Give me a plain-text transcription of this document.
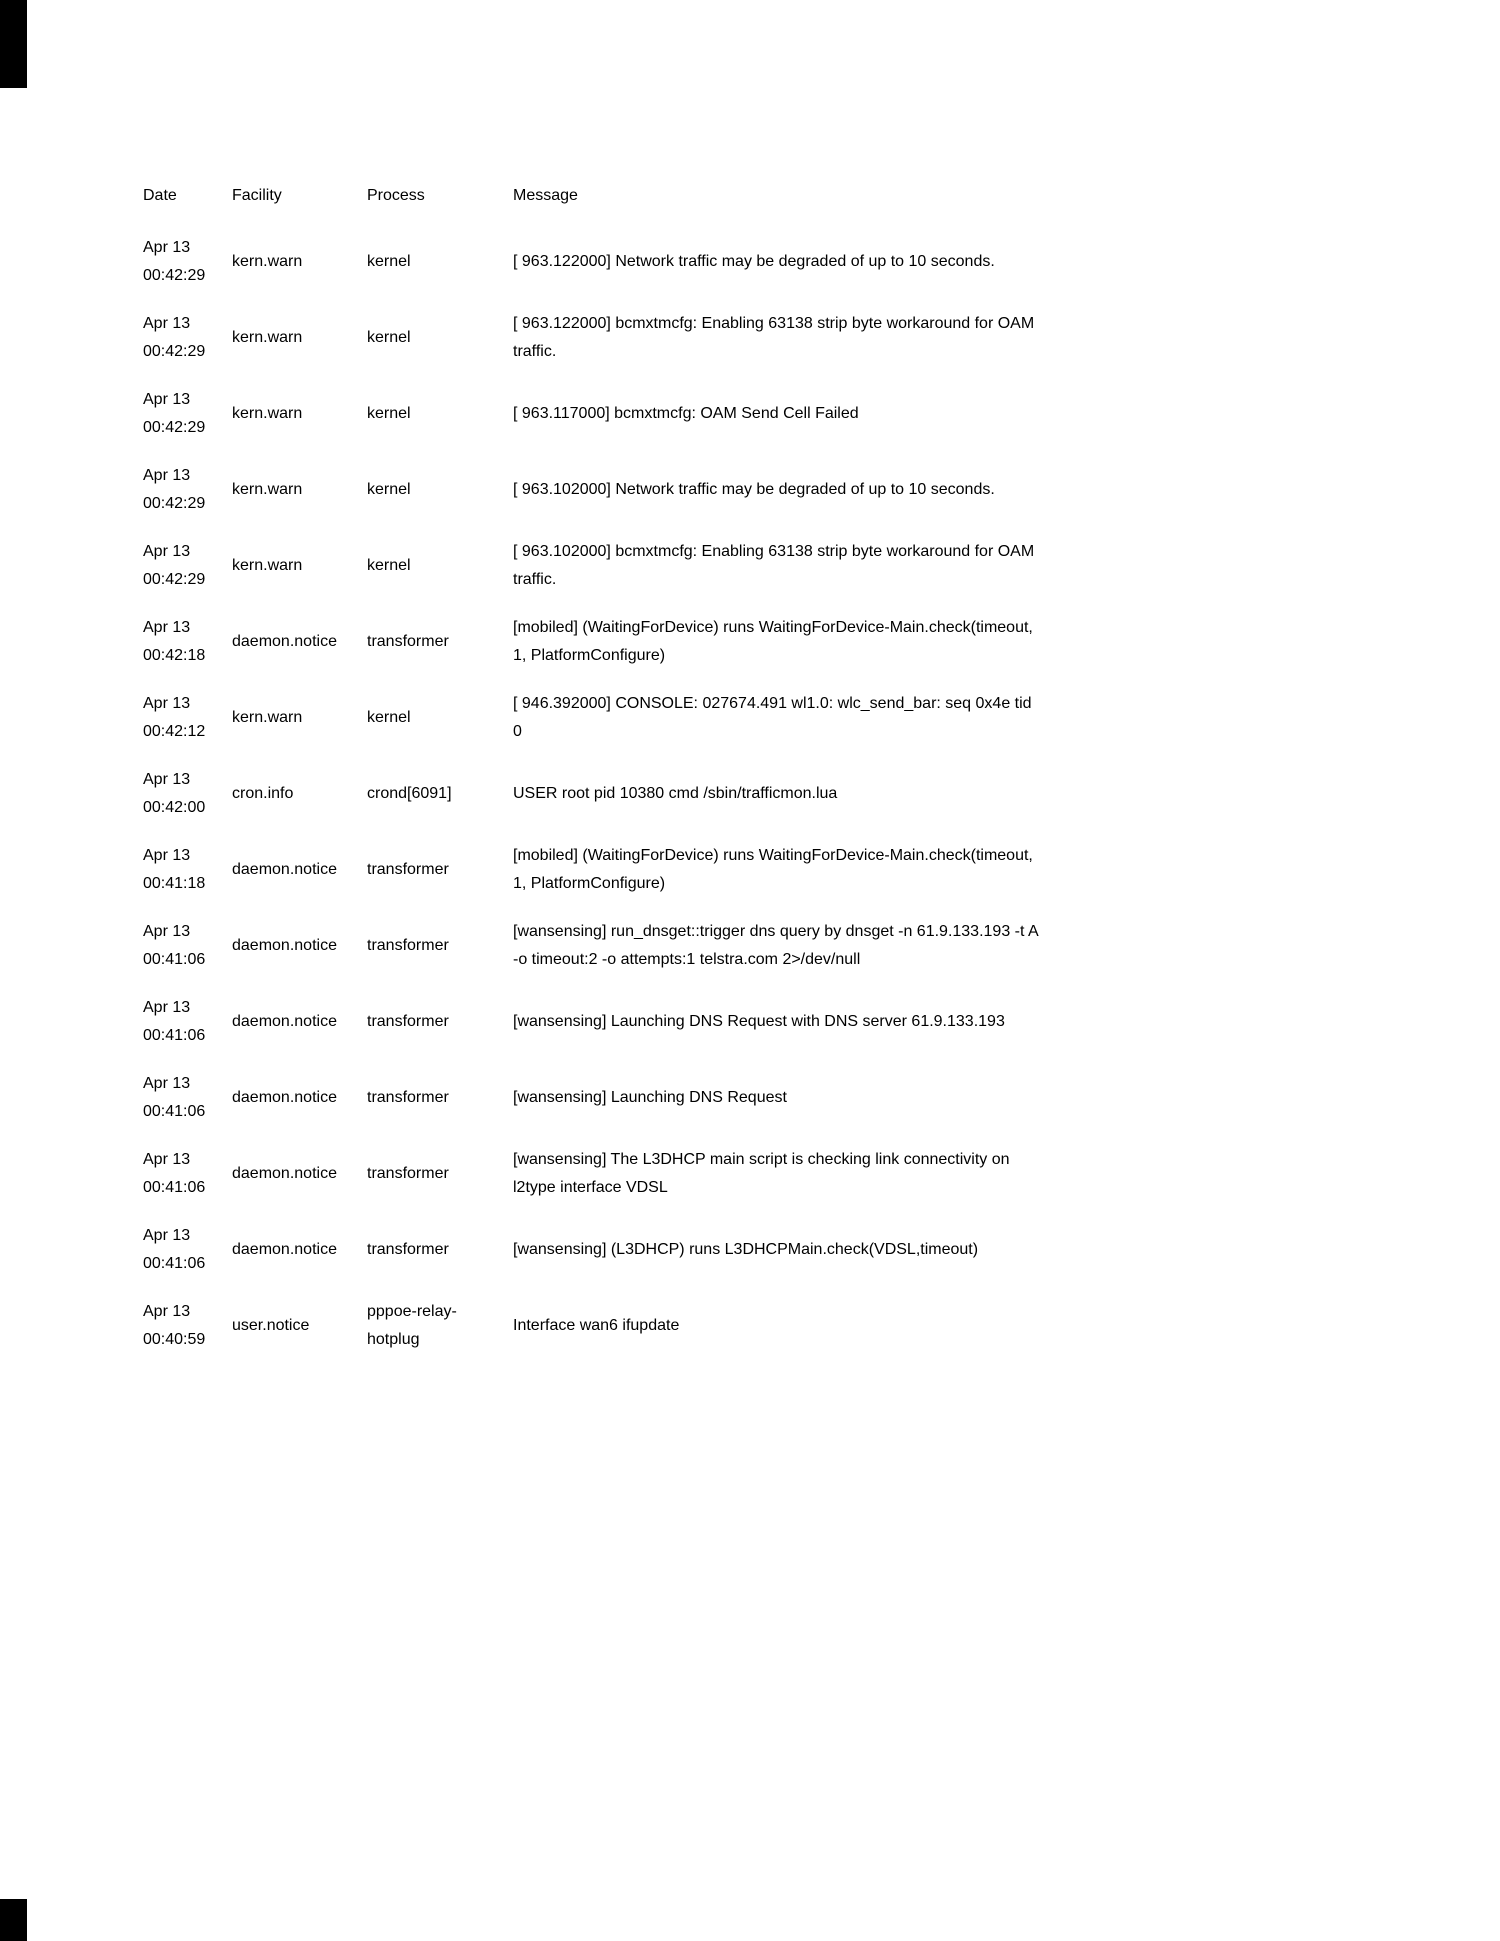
Date	Facility	Process	Message

Apr 13
00:42:29	kern.warn	kernel	[ 963.122000] Network traffic may be degraded of up to 10 seconds.

Apr 13
00:42:29	kern.warn	kernel	[ 963.122000] bcmxtmcfg: Enabling 63138 strip byte workaround for OAM traffic.

Apr 13
00:42:29	kern.warn	kernel	[ 963.117000] bcmxtmcfg: OAM Send Cell Failed

Apr 13
00:42:29	kern.warn	kernel	[ 963.102000] Network traffic may be degraded of up to 10 seconds.

Apr 13
00:42:29	kern.warn	kernel	[ 963.102000] bcmxtmcfg: Enabling 63138 strip byte workaround for OAM traffic.

Apr 13
00:42:18	daemon.notice	transformer	[mobiled] (WaitingForDevice) runs WaitingForDevice-Main.check(timeout, 1, PlatformConfigure)

Apr 13
00:42:12	kern.warn	kernel	[ 946.392000] CONSOLE: 027674.491 wl1.0: wlc_send_bar: seq 0x4e tid 0

Apr 13
00:42:00	cron.info	crond[6091]	USER root pid 10380 cmd /sbin/trafficmon.lua

Apr 13
00:41:18	daemon.notice	transformer	[mobiled] (WaitingForDevice) runs WaitingForDevice-Main.check(timeout, 1, PlatformConfigure)

Apr 13
00:41:06	daemon.notice	transformer	[wansensing] run_dnsget::trigger dns query by dnsget -n 61.9.133.193 -t A -o timeout:2 -o attempts:1 telstra.com 2>/dev/null

Apr 13
00:41:06	daemon.notice	transformer	[wansensing] Launching DNS Request with DNS server 61.9.133.193

Apr 13
00:41:06	daemon.notice	transformer	[wansensing] Launching DNS Request

Apr 13
00:41:06	daemon.notice	transformer	[wansensing] The L3DHCP main script is checking link connectivity on l2type interface VDSL

Apr 13
00:41:06	daemon.notice	transformer	[wansensing] (L3DHCP) runs L3DHCPMain.check(VDSL,timeout)

Apr 13
00:40:59	user.notice	pppoe-relay-hotplug	Interface wan6 ifupdate
